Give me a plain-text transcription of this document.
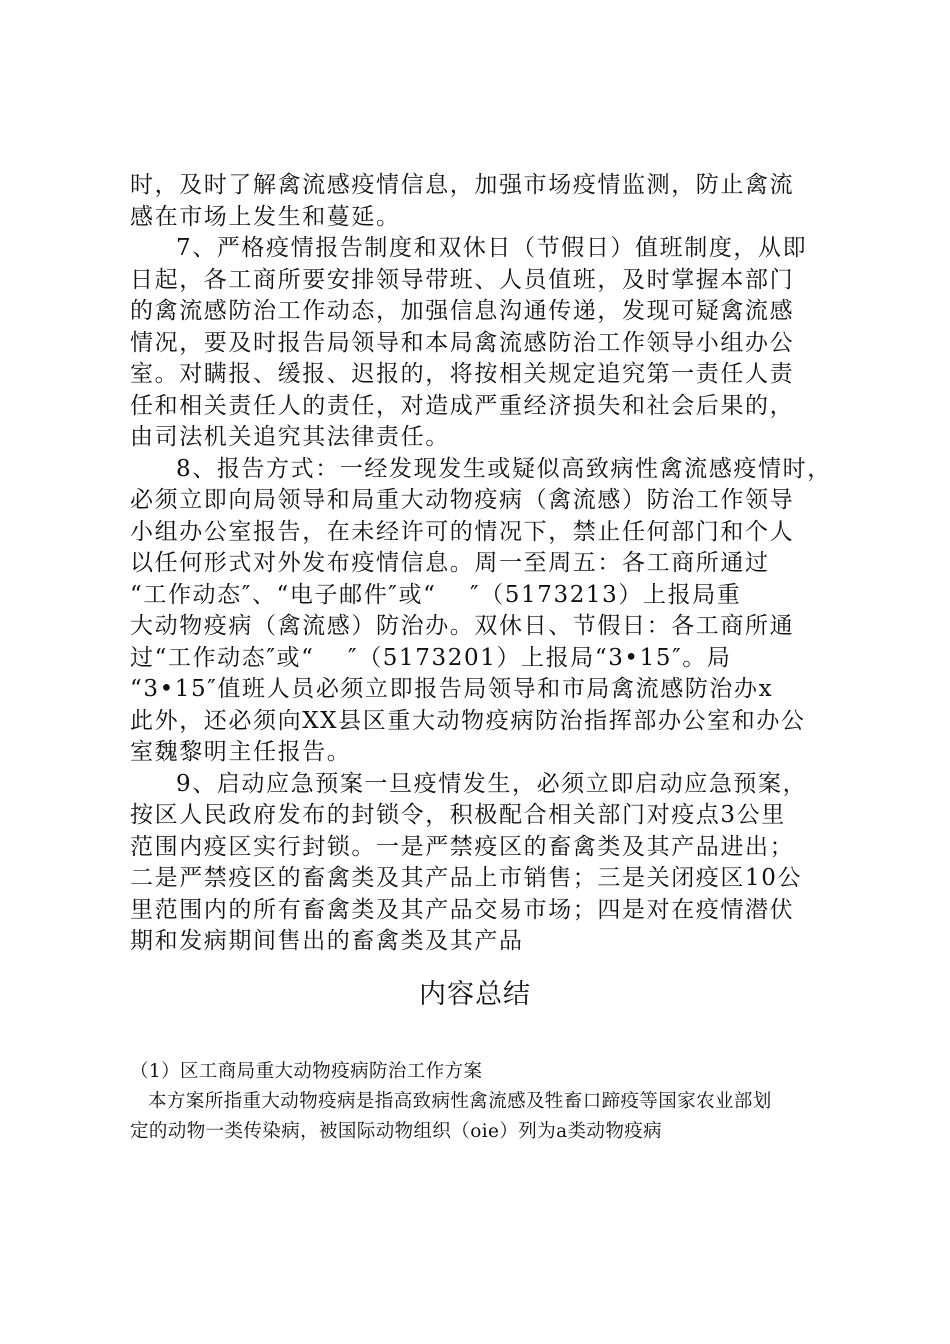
时，及时了解禽流感疫情信息，加强市场疫情监测，防止禽流
感在市场上发生和蔓延。
7、严格疫情报告制度和双休日（节假日）值班制度，从即
日起，各工商所要安排领导带班、人员值班，及时掌握本部门
的禽流感防治工作动态，加强信息沟通传递，发现可疑禽流感
情况，要及时报告局领导和本局禽流感防治工作领导小组办公
室。对瞒报、缓报、迟报的，将按相关规定追究第一责任人责
任和相关责任人的责任，对造成严重经济损失和社会后果的，
由司法机关追究其法律责任。
8、报告方式：一经发现发生或疑似高致病性禽流感疫情时，
必须立即向局领导和局重大动物疫病（禽流感）防治工作领导
小组办公室报告，在未经许可的情况下，禁止任何部门和个人
以任何形式对外发布疫情信息。周一至周五：各工商所通过
“工作动态″、“电子邮件″或“　 ″（5173213）上报局重
大动物疫病（禽流感）防治办。双休日、节假日：各工商所通
过“工作动态″或“　 ″（5173201）上报局“3•15″。局
“3•15″值班人员必须立即报告局领导和市局禽流感防治办x
此外，还必须向XX县区重大动物疫病防治指挥部办公室和办公
室魏黎明主任报告。
9、启动应急预案一旦疫情发生，必须立即启动应急预案，
按区人民政府发布的封锁令，积极配合相关部门对疫点3公里
范围内疫区实行封锁。一是严禁疫区的畜禽类及其产品进出；
二是严禁疫区的畜禽类及其产品上市销售；三是关闭疫区10公
里范围内的所有畜禽类及其产品交易市场；四是对在疫情潜伏
期和发病期间售出的畜禽类及其产品
内容总结
（1）区工商局重大动物疫病防治工作方案
本方案所指重大动物疫病是指高致病性禽流感及牲畜口蹄疫等国家农业部划
定的动物一类传染病，被国际动物组织（oie）列为a类动物疫病
